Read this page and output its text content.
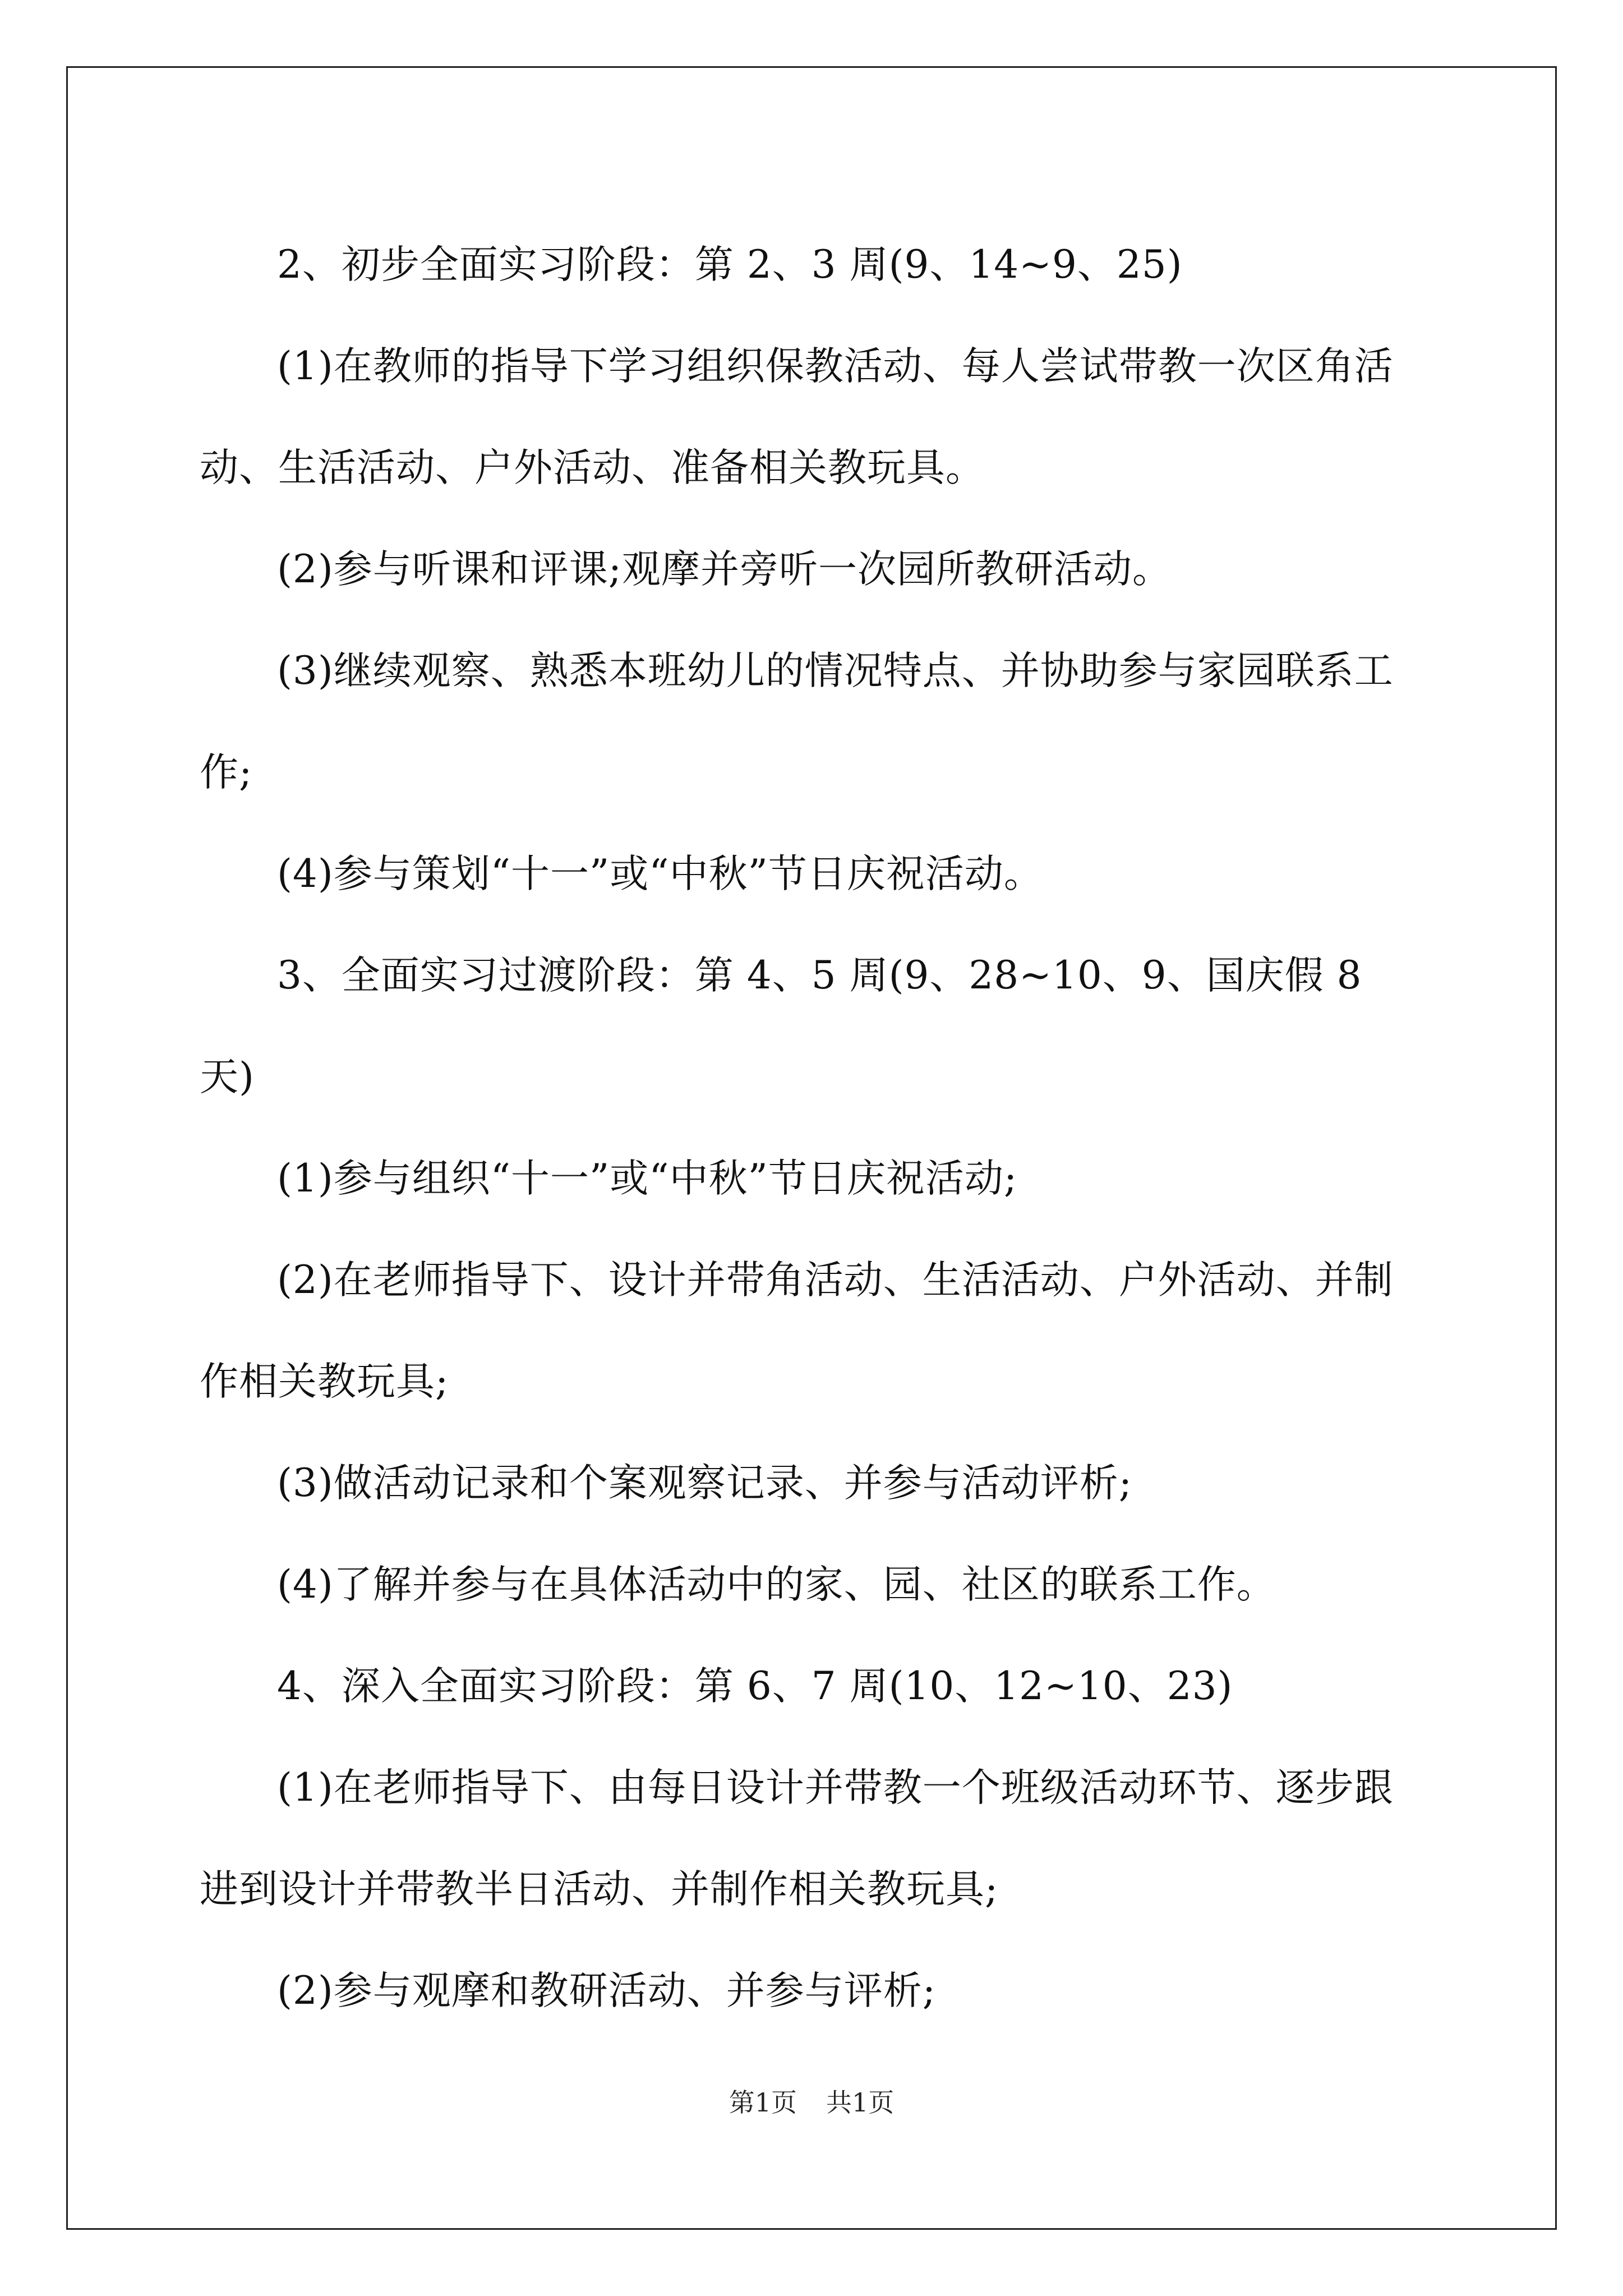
2、初步全面实习阶段：第 2、3 周(9、14~9、25)

(1)在教师的指导下学习组织保教活动、每人尝试带教一次区角活动、生活活动、户外活动、准备相关教玩具。

(2)参与听课和评课;观摩并旁听一次园所教研活动。

(3)继续观察、熟悉本班幼儿的情况特点、并协助参与家园联系工作;

(4)参与策划“十一”或“中秋”节日庆祝活动。

3、全面实习过渡阶段：第 4、5 周(9、28~10、9、国庆假 8 天)

(1)参与组织“十一”或“中秋”节日庆祝活动;

(2)在老师指导下、设计并带角活动、生活活动、户外活动、并制作相关教玩具;

(3)做活动记录和个案观察记录、并参与活动评析;

(4)了解并参与在具体活动中的家、园、社区的联系工作。

4、深入全面实习阶段：第 6、7 周(10、12~10、23)

(1)在老师指导下、由每日设计并带教一个班级活动环节、逐步跟进到设计并带教半日活动、并制作相关教玩具;

(2)参与观摩和教研活动、并参与评析;

第1页 共1页
